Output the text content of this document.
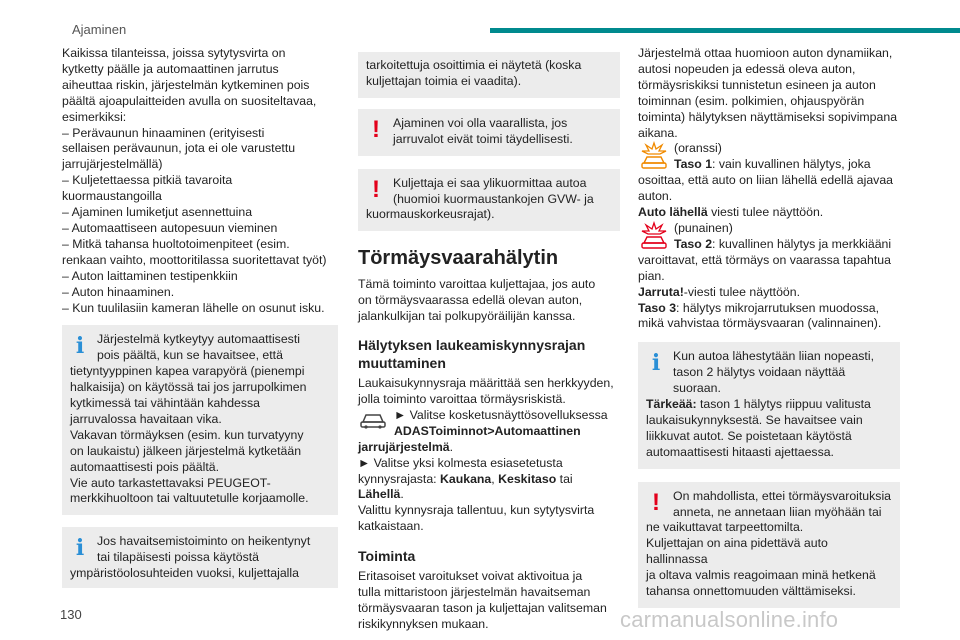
Ajaminen

Kaikissa tilanteissa, joissa sytytysvirta on

kytketty päälle ja automaattinen jarrutus

aiheuttaa riskin, järjestelmän kytkeminen pois

päältä ajoapulaitteiden avulla on suositeltavaa,

esimerkiksi:

– Perävaunun hinaaminen (erityisesti

sellaisen perävaunun, jota ei ole varustettu

jarrujärjestelmällä)

– Kuljetettaessa pitkiä tavaroita

kuormaustangoilla

– Ajaminen lumiketjut asennettuina

– Automaattiseen autopesuun vieminen

– Mitkä tahansa huoltotoimenpiteet (esim.

renkaan vaihto, moottoritilassa suoritettavat työt)

– Auton laittaminen testipenkkiin

– Auton hinaaminen.

– Kun tuulilasiin kameran lähelle on osunut isku.

i	Järjestelmä kytkeytyy automaattisesti

pois päältä, kun se havaitsee, että

tietyntyyppinen kapea varapyörä (pienempi

halkaisija) on käytössä tai jos jarrupolkimen

kytkimessä tai vähintään kahdessa

jarruvalossa havaitaan vika.

Vakavan törmäyksen (esim. kun turvatyyny

on laukaistu) jälkeen järjestelmä kytketään

automaattisesti pois päältä.

Vie auto tarkastettavaksi PEUGEOT-

merkkihuoltoon tai valtuutetulle korjaamolle.

i	Jos havaitsemistoiminto on heikentynyt

tai tilapäisesti poissa käytöstä

ympäristöolosuhteiden vuoksi, kuljettajalla

tarkoitettuja osoittimia ei näytetä (koska

kuljettajan toimia ei vaadita).

!	Ajaminen voi olla vaarallista, jos

jarruvalot eivät toimi täydellisesti.

!	Kuljettaja ei saa ylikuormittaa autoa

(huomioi kuormaustankojen GVW- ja

kuormauskorkeusrajat).

Törmäysvaarahälytin

Tämä toiminto varoittaa kuljettajaa, jos auto

on törmäysvaarassa edellä olevan auton,

jalankulkijan tai polkupyöräilijän kanssa.

Hälytyksen laukeamiskynnysrajan muuttaminen

Laukaisukynnysraja määrittää sen herkkyyden,

jolla toiminto varoittaa törmäysriskistä.

► Valitse kosketusnäyttösovelluksessa

ADASToiminnot>Automaattinen

jarrujärjestelmä.

► Valitse yksi kolmesta esiasetetusta

kynnysrajasta: Kaukana, Keskitaso tai Lähellä.

Valittu kynnysraja tallentuu, kun sytytysvirta

katkaistaan.

Toiminta

Eritasoiset varoitukset voivat aktivoitua ja

tulla mittaristoon järjestelmän havaitseman

törmäysvaaran tason ja kuljettajan valitseman

riskikynnyksen mukaan.

Järjestelmä ottaa huomioon auton dynamiikan,

autosi nopeuden ja edessä oleva auton,

törmäysriskiksi tunnistetun esineen ja auton

toiminnan (esim. polkimien, ohjauspyörän

toiminta) hälytyksen näyttämiseksi sopivimpana

aikana.

(oranssi)

Taso 1: vain kuvallinen hälytys, joka

osoittaa, että auto on liian lähellä edellä ajavaa

auton.

Auto lähellä viesti tulee näyttöön.

(punainen)

Taso 2: kuvallinen hälytys ja merkkiääni

varoittavat, että törmäys on vaarassa tapahtua

pian.

Jarruta!-viesti tulee näyttöön.

Taso 3: hälytys mikrojarrutuksen muodossa,

mikä vahvistaa törmäysvaaran (valinnainen).

i	Kun autoa lähestytään liian nopeasti,

tason 2 hälytys voidaan näyttää suoraan.

Tärkeää: tason 1 hälytys riippuu valitusta

laukaisukynnyksestä. Se havaitsee vain

liikkuvat autot. Se poistetaan käytöstä

automaattisesti hitaasti ajettaessa.

!	On mahdollista, ettei törmäysvaroituksia

anneta, ne annetaan liian myöhään tai

ne vaikuttavat tarpeettomilta.

Kuljettajan on aina pidettävä auto hallinnassa

ja oltava valmis reagoimaan minä hetkenä

tahansa onnettomuuden välttämiseksi.

130	carmanualsonline.info
